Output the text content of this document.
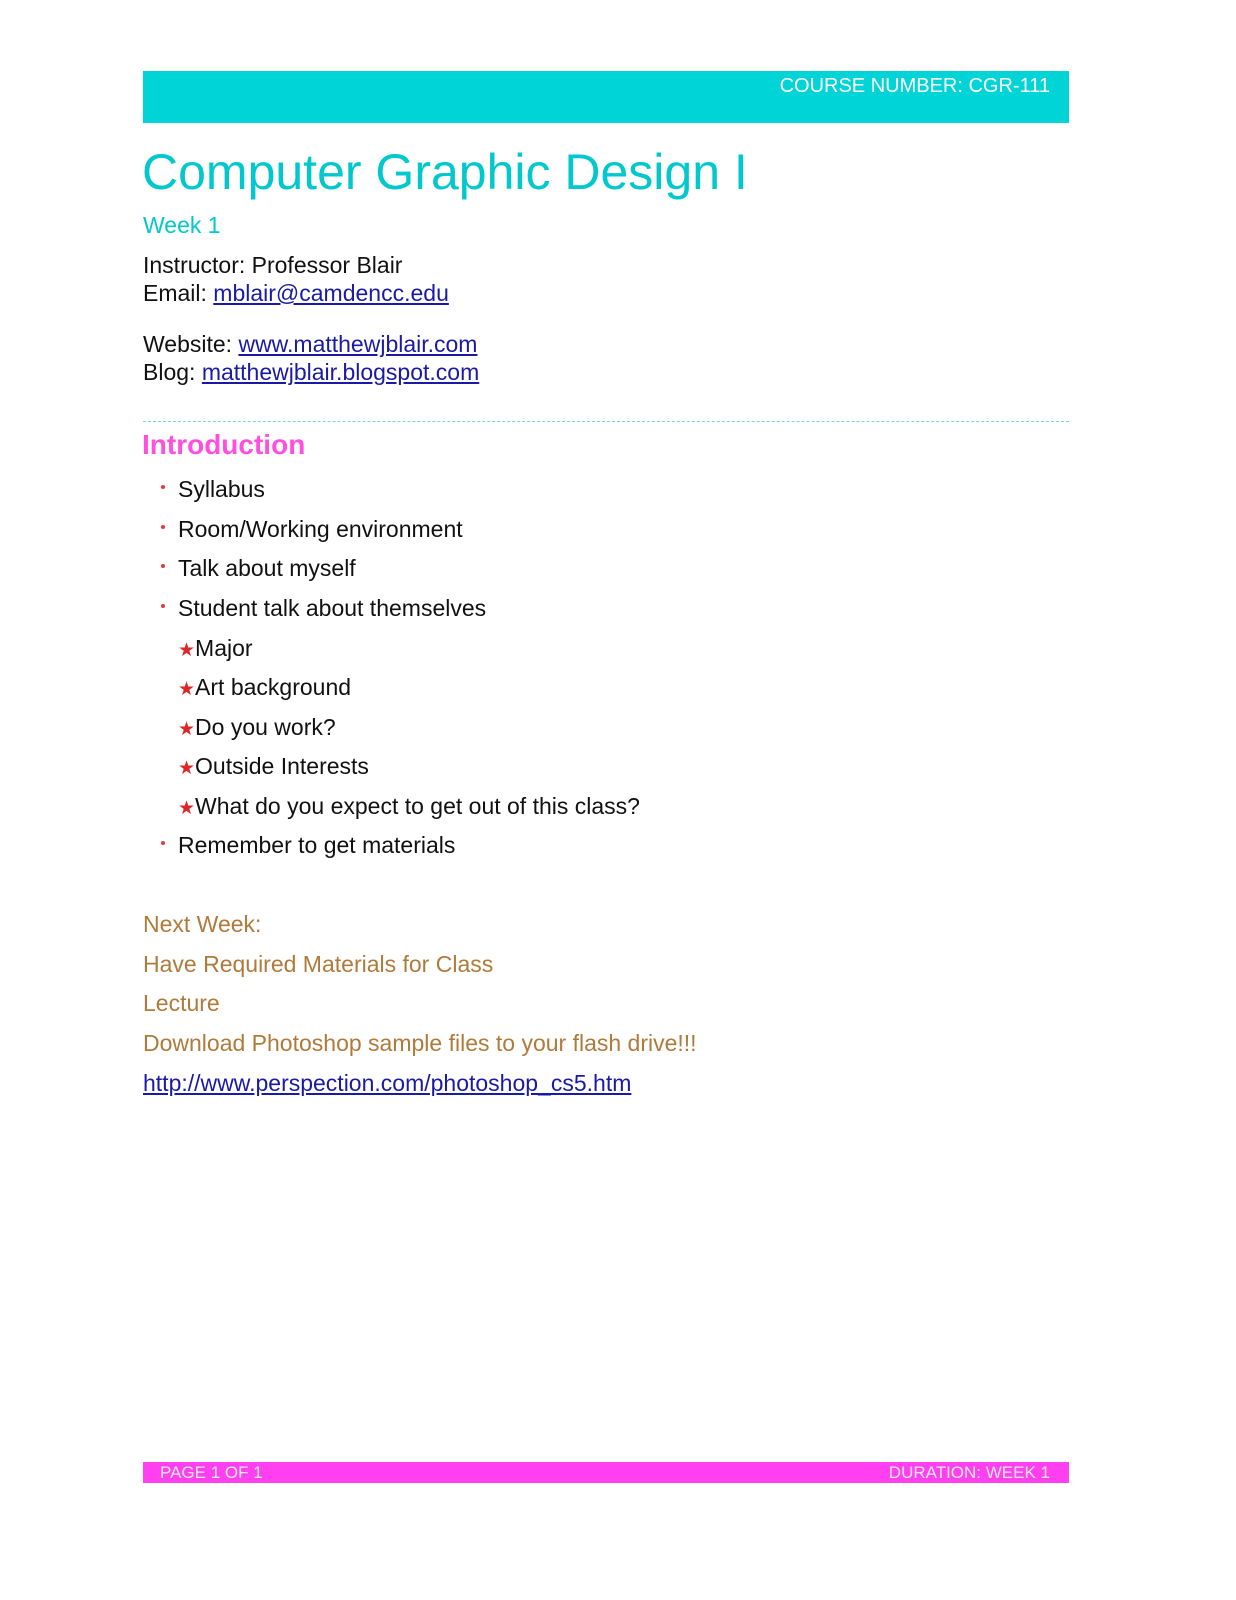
COURSE NUMBER: CGR-111
Computer Graphic Design I
Week 1
Instructor: Professor Blair
Email: mblair@camdencc.edu
Website: www.matthewjblair.com
Blog: matthewjblair.blogspot.com
Introduction
Syllabus
Room/Working environment
Talk about myself
Student talk about themselves
★Major
★Art background
★Do you work?
★Outside Interests
★What do you expect to get out of this class?
Remember to get materials
Next Week:
Have Required Materials for Class
Lecture
Download Photoshop sample files to your flash drive!!!
http://www.perspection.com/photoshop_cs5.htm
PAGE 1 OF 1	DURATION: WEEK 1
